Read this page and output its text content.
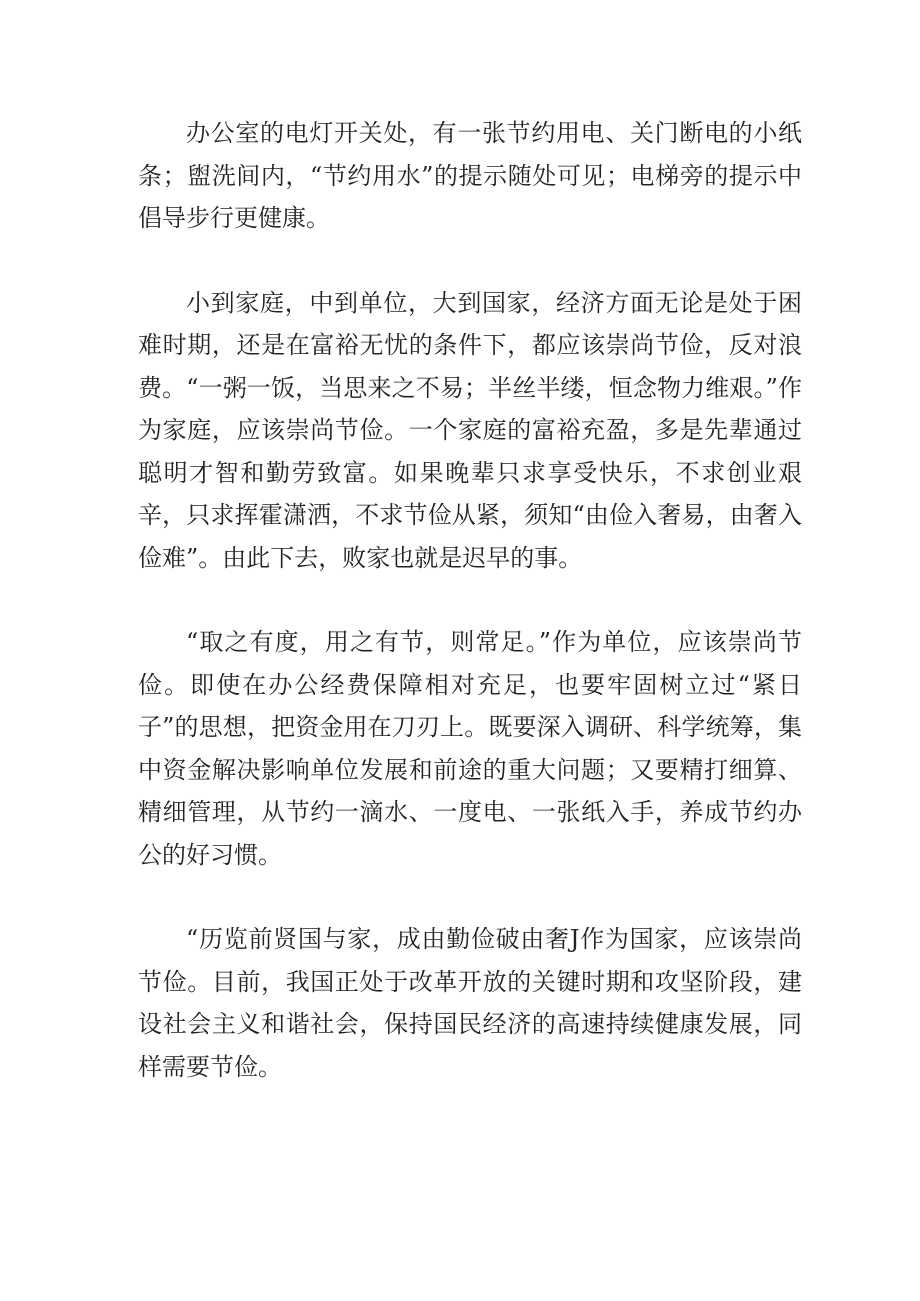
办公室的电灯开关处，有一张节约用电、关门断电的小纸条；盥洗间内，“节约用水”的提示随处可见；电梯旁的提示中倡导步行更健康。

小到家庭，中到单位，大到国家，经济方面无论是处于困难时期，还是在富裕无忧的条件下，都应该崇尚节俭，反对浪费。“一粥一饭，当思来之不易；半丝半缕，恒念物力维艰。”作为家庭，应该崇尚节俭。一个家庭的富裕充盈，多是先辈通过聪明才智和勤劳致富。如果晚辈只求享受快乐，不求创业艰辛，只求挥霍潇洒，不求节俭从紧，须知“由俭入奢易，由奢入俭难”。由此下去，败家也就是迟早的事。

“取之有度，用之有节，则常足。”作为单位，应该崇尚节俭。即使在办公经费保障相对充足，也要牢固树立过“紧日子”的思想，把资金用在刀刃上。既要深入调研、科学统筹，集中资金解决影响单位发展和前途的重大问题；又要精打细算、精细管理，从节约一滴水、一度电、一张纸入手，养成节约办公的好习惯。

“历览前贤国与家，成由勤俭破由奢J作为国家，应该崇尚节俭。目前，我国正处于改革开放的关键时期和攻坚阶段，建设社会主义和谐社会，保持国民经济的高速持续健康发展，同样需要节俭。
